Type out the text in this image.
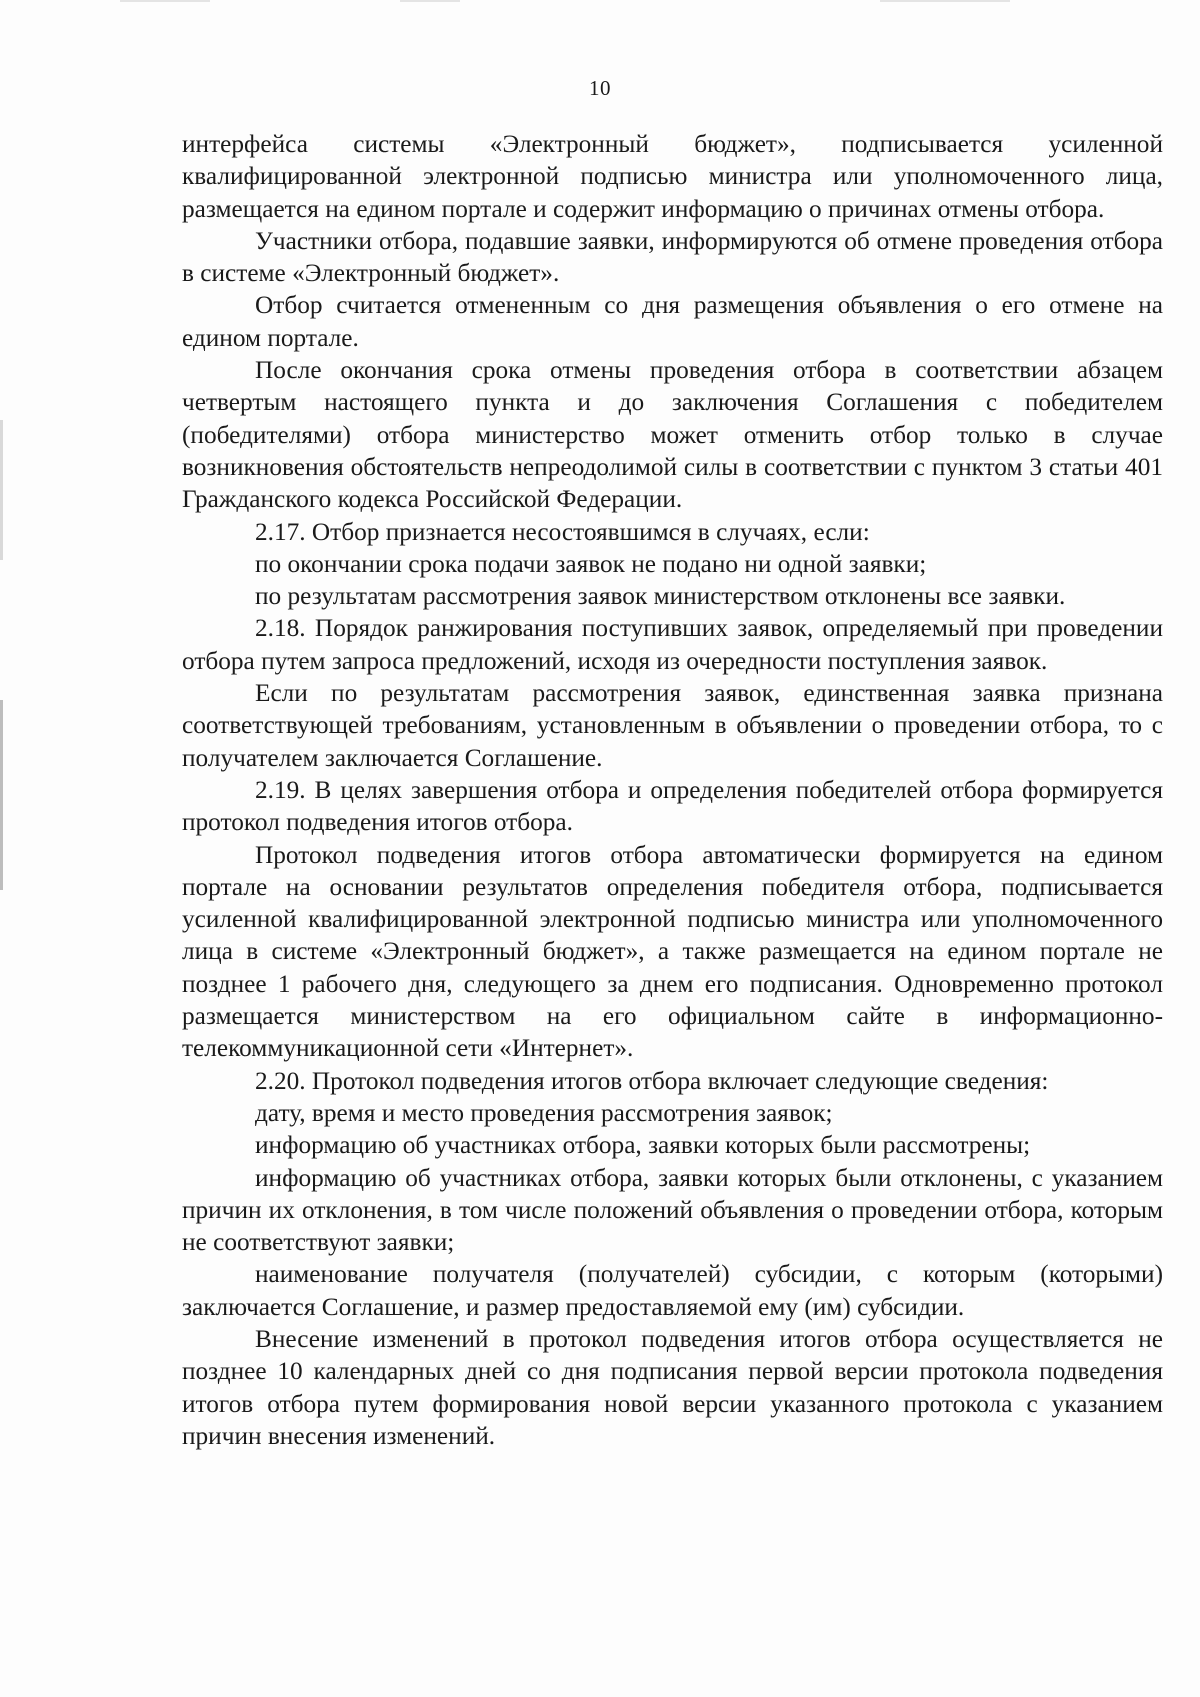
10

интерфейса системы «Электронный бюджет», подписывается усиленной квалифицированной электронной подписью министра или уполномоченного лица, размещается на едином портале и содержит информацию о причинах отмены отбора.

Участники отбора, подавшие заявки, информируются об отмене проведения отбора в системе «Электронный бюджет».

Отбор считается отмененным со дня размещения объявления о его отмене на едином портале.

После окончания срока отмены проведения отбора в соответствии абзацем четвертым настоящего пункта и до заключения Соглашения с победителем (победителями) отбора министерство может отменить отбор только в случае возникновения обстоятельств непреодолимой силы в соответствии с пунктом 3 статьи 401 Гражданского кодекса Российской Федерации.

2.17. Отбор признается несостоявшимся в случаях, если:

по окончании срока подачи заявок не подано ни одной заявки;

по результатам рассмотрения заявок министерством отклонены все заявки.

2.18. Порядок ранжирования поступивших заявок, определяемый при проведении отбора путем запроса предложений, исходя из очередности поступления заявок.

Если по результатам рассмотрения заявок, единственная заявка признана соответствующей требованиям, установленным в объявлении о проведении отбора, то с получателем заключается Соглашение.

2.19. В целях завершения отбора и определения победителей отбора формируется протокол подведения итогов отбора.

Протокол подведения итогов отбора автоматически формируется на едином портале на основании результатов определения победителя отбора, подписывается усиленной квалифицированной электронной подписью министра или уполномоченного лица в системе «Электронный бюджет», а также размещается на едином портале не позднее 1 рабочего дня, следующего за днем его подписания. Одновременно протокол размещается министерством на его официальном сайте в информационно-телекоммуникационной сети «Интернет».

2.20. Протокол подведения итогов отбора включает следующие сведения:

дату, время и место проведения рассмотрения заявок;

информацию об участниках отбора, заявки которых были рассмотрены;

информацию об участниках отбора, заявки которых были отклонены, с указанием причин их отклонения, в том числе положений объявления о проведении отбора, которым не соответствуют заявки;

наименование получателя (получателей) субсидии, с которым (которыми) заключается Соглашение, и размер предоставляемой ему (им) субсидии.

Внесение изменений в протокол подведения итогов отбора осуществляется не позднее 10 календарных дней со дня подписания первой версии протокола подведения итогов отбора путем формирования новой версии указанного протокола с указанием причин внесения изменений.
